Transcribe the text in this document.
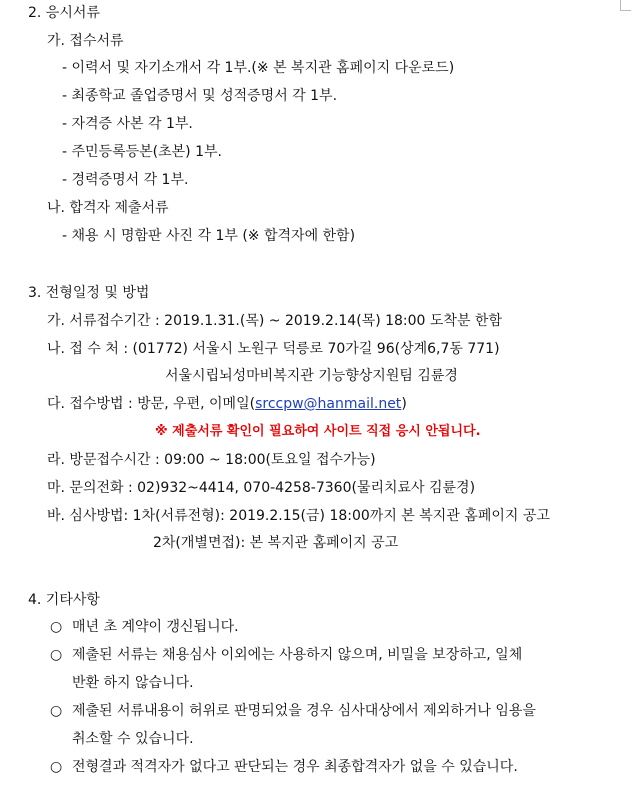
2. 응시서류
가. 접수서류
- 이력서 및 자기소개서 각 1부.(※ 본 복지관 홈페이지 다운로드)
- 최종학교 졸업증명서 및 성적증명서 각 1부.
- 자격증 사본 각 1부.
- 주민등록등본(초본) 1부.
- 경력증명서 각 1부.
나. 합격자 제출서류
- 채용 시 명함판 사진 각 1부 (※ 합격자에 한함)
3. 전형일정 및 방법
가. 서류접수기간 : 2019.1.31.(목) ~ 2019.2.14(목) 18:00 도착분 한함
나. 접 수 처 : (01772) 서울시 노원구 덕릉로 70가길 96(상계6,7동 771)
서울시립뇌성마비복지관 기능향상지원팀 김륜경
다. 접수방법 : 방문, 우편, 이메일(srccpw@hanmail.net)
※ 제출서류 확인이 필요하여 사이트 직접 응시 안됩니다.
라. 방문접수시간 : 09:00 ~ 18:00(토요일 접수가능)
마. 문의전화 : 02)932~4414, 070-4258-7360(물리치료사 김륜경)
바. 심사방법: 1차(서류전형): 2019.2.15(금) 18:00까지 본 복지관 홈페이지 공고
2차(개별면접): 본 복지관 홈페이지 공고
4. 기타사항
○ 매년 초 계약이 갱신됩니다.
○ 제출된 서류는 채용심사 이외에는 사용하지 않으며, 비밀을 보장하고, 일체
반환 하지 않습니다.
○ 제출된 서류내용이 허위로 판명되었을 경우 심사대상에서 제외하거나 임용을
취소할 수 있습니다.
○ 전형결과 적격자가 없다고 판단되는 경우 최종합격자가 없을 수 있습니다.
